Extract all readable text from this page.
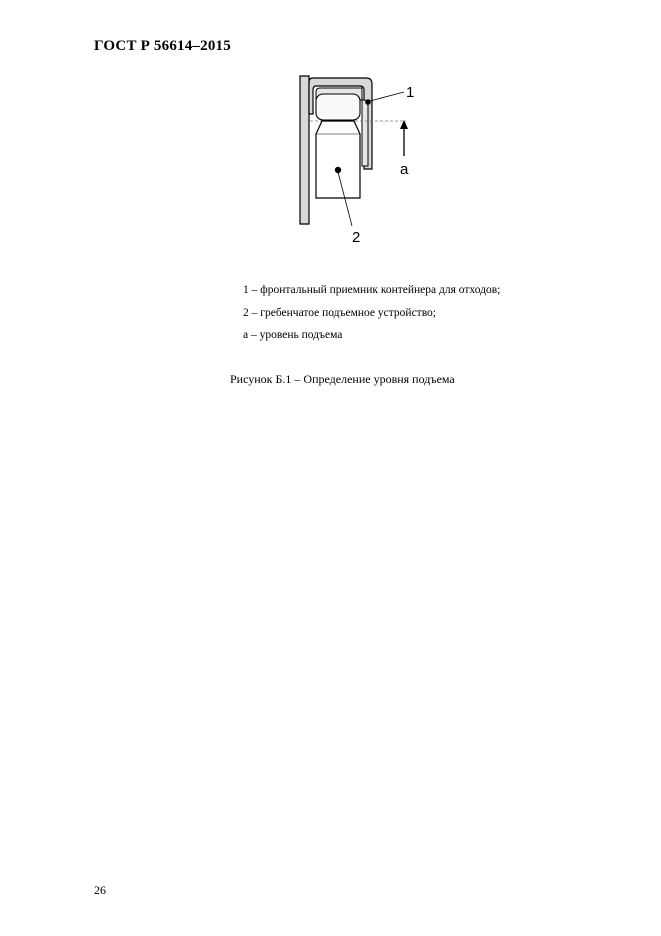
ГОСТ Р 56614–2015
1
a
2
1 – фронтальный приемник контейнера для отходов;
2 – гребенчатое подъемное устройство;
a – уровень подъема
Рисунок Б.1 – Определение уровня подъема
26
